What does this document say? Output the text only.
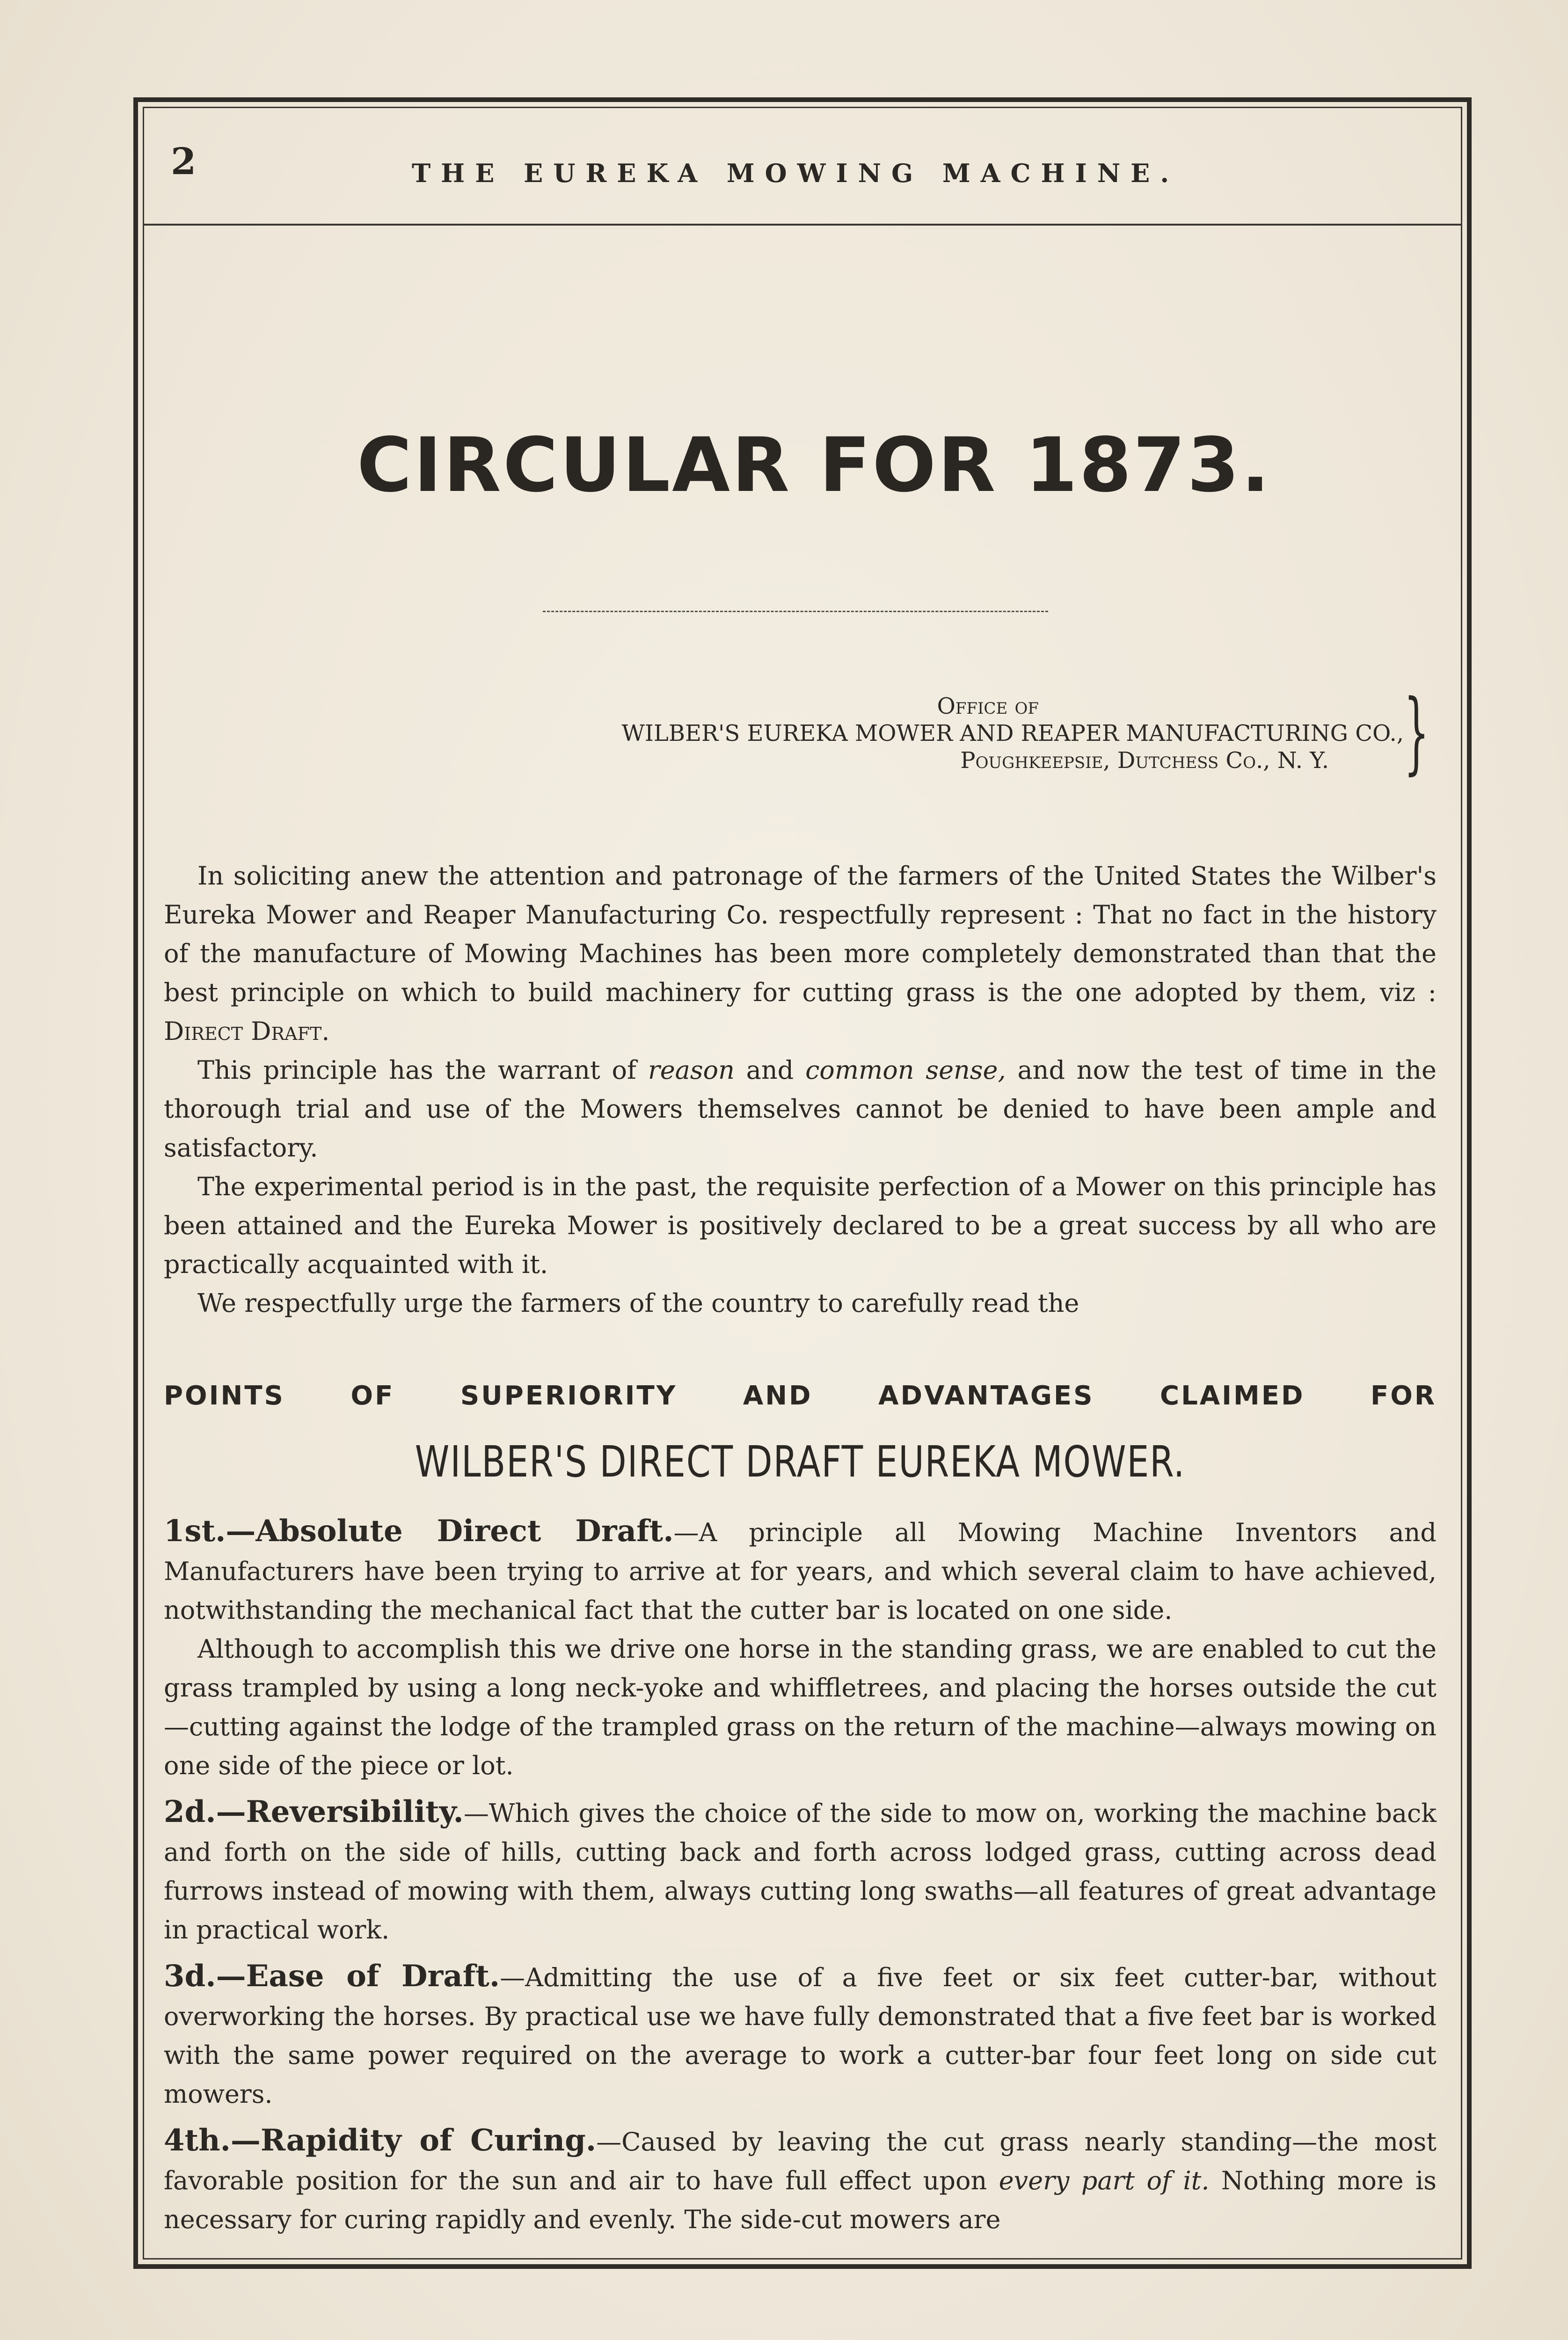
2	THE EUREKA MOWING MACHINE.
CIRCULAR FOR 1873.
Office of
WILBER'S EUREKA MOWER AND REAPER MANUFACTURING CO.,
Poughkeepsie, Dutchess Co., N. Y. }

In soliciting anew the attention and patronage of the farmers of the United States the Wilber's Eureka Mower and Reaper Manufacturing Co. respectfully represent : That no fact in the history of the manufacture of Mowing Machines has been more completely demonstrated than that the best principle on which to build machinery for cutting grass is the one adopted by them, viz : Direct Draft.

This principle has the warrant of reason and common sense, and now the test of time in the thorough trial and use of the Mowers themselves cannot be denied to have been ample and satisfactory.

The experimental period is in the past, the requisite perfection of a Mower on this principle has been attained and the Eureka Mower is positively declared to be a great success by all who are practically acquainted with it.

We respectfully urge the farmers of the country to carefully read the

POINTS OF SUPERIORITY AND ADVANTAGES CLAIMED FOR
WILBER'S DIRECT DRAFT EUREKA MOWER.

1st.—Absolute Direct Draft.—A principle all Mowing Machine Inventors and Manufacturers have been trying to arrive at for years, and which several claim to have achieved, notwithstanding the mechanical fact that the cutter bar is located on one side.

Although to accomplish this we drive one horse in the standing grass, we are enabled to cut the grass trampled by using a long neck-yoke and whiffletrees, and placing the horses outside the cut—cutting against the lodge of the trampled grass on the return of the machine—always mowing on one side of the piece or lot.

2d.—Reversibility.—Which gives the choice of the side to mow on, working the machine back and forth on the side of hills, cutting back and forth across lodged grass, cutting across dead furrows instead of mowing with them, always cutting long swaths—all features of great advantage in practical work.

3d.—Ease of Draft.—Admitting the use of a five feet or six feet cutter-bar, without overworking the horses. By practical use we have fully demonstrated that a five feet bar is worked with the same power required on the average to work a cutter-bar four feet long on side cut mowers.

4th.—Rapidity of Curing.—Caused by leaving the cut grass nearly standing—the most favorable position for the sun and air to have full effect upon every part of it. Nothing more is necessary for curing rapidly and evenly. The side-cut mowers are
